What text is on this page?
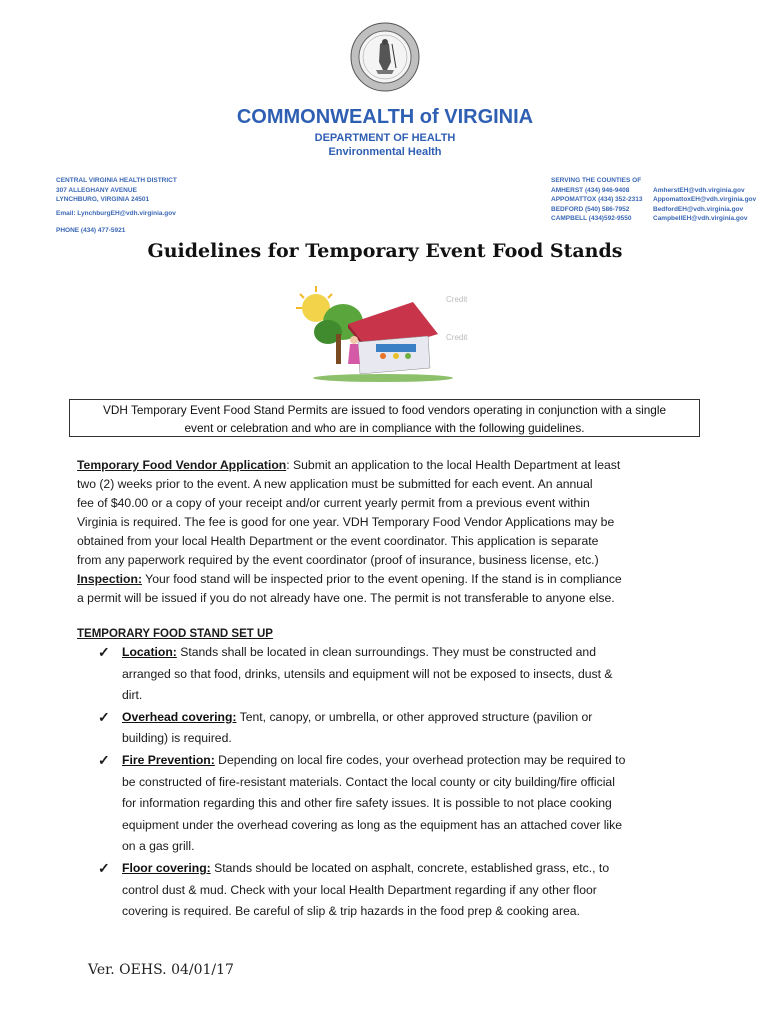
COMMONWEALTH of VIRGINIA
DEPARTMENT OF HEALTH
Environmental Health
CENTRAL VIRGINIA HEALTH DISTRICT
307 ALLEGHANY AVENUE
LYNCHBURG, VIRGINIA 24501
Email: LynchburgEH@vdh.virginia.gov
PHONE (434) 477-5921
SERVING THE COUNTIES OF
AMHERST (434) 946-9408
APPOMATTOX (434) 352-2313
BEDFORD (540) 586-7952
CAMPBELL (434)592-9550
AmherstEH@vdh.virginia.gov
AppomattoxEH@vdh.virginia.gov
BedfordEH@vdh.virginia.gov
CampbellEH@vdh.virginia.gov
Guidelines for Temporary Event Food Stands
Credit
Credit
VDH Temporary Event Food Stand Permits are issued to food vendors operating in conjunction with a single
event or celebration and who are in compliance with the following guidelines.
Temporary Food Vendor Application: Submit an application to the local Health Department at least
two (2) weeks prior to the event. A new application must be submitted for each event. An annual
fee of $40.00 or a copy of your receipt and/or current yearly permit from a previous event within
Virginia is required. The fee is good for one year. VDH Temporary Food Vendor Applications may be
obtained from your local Health Department or the event coordinator. This application is separate
from any paperwork required by the event coordinator (proof of insurance, business license, etc.)
Inspection: Your food stand will be inspected prior to the event opening. If the stand is in compliance
a permit will be issued if you do not already have one. The permit is not transferable to anyone else.
TEMPORARY FOOD STAND SET UP
✓ Location: Stands shall be located in clean surroundings. They must be constructed and
arranged so that food, drinks, utensils and equipment will not be exposed to insects, dust &
dirt.
✓ Overhead covering: Tent, canopy, or umbrella, or other approved structure (pavilion or
building) is required.
✓ Fire Prevention: Depending on local fire codes, your overhead protection may be required to
be constructed of fire-resistant materials. Contact the local county or city building/fire official
for information regarding this and other fire safety issues. It is possible to not place cooking
equipment under the overhead covering as long as the equipment has an attached cover like
on a gas grill.
✓ Floor covering: Stands should be located on asphalt, concrete, established grass, etc., to
control dust & mud. Check with your local Health Department regarding if any other floor
covering is required. Be careful of slip & trip hazards in the food prep & cooking area.
Ver. OEHS. 04/01/17
